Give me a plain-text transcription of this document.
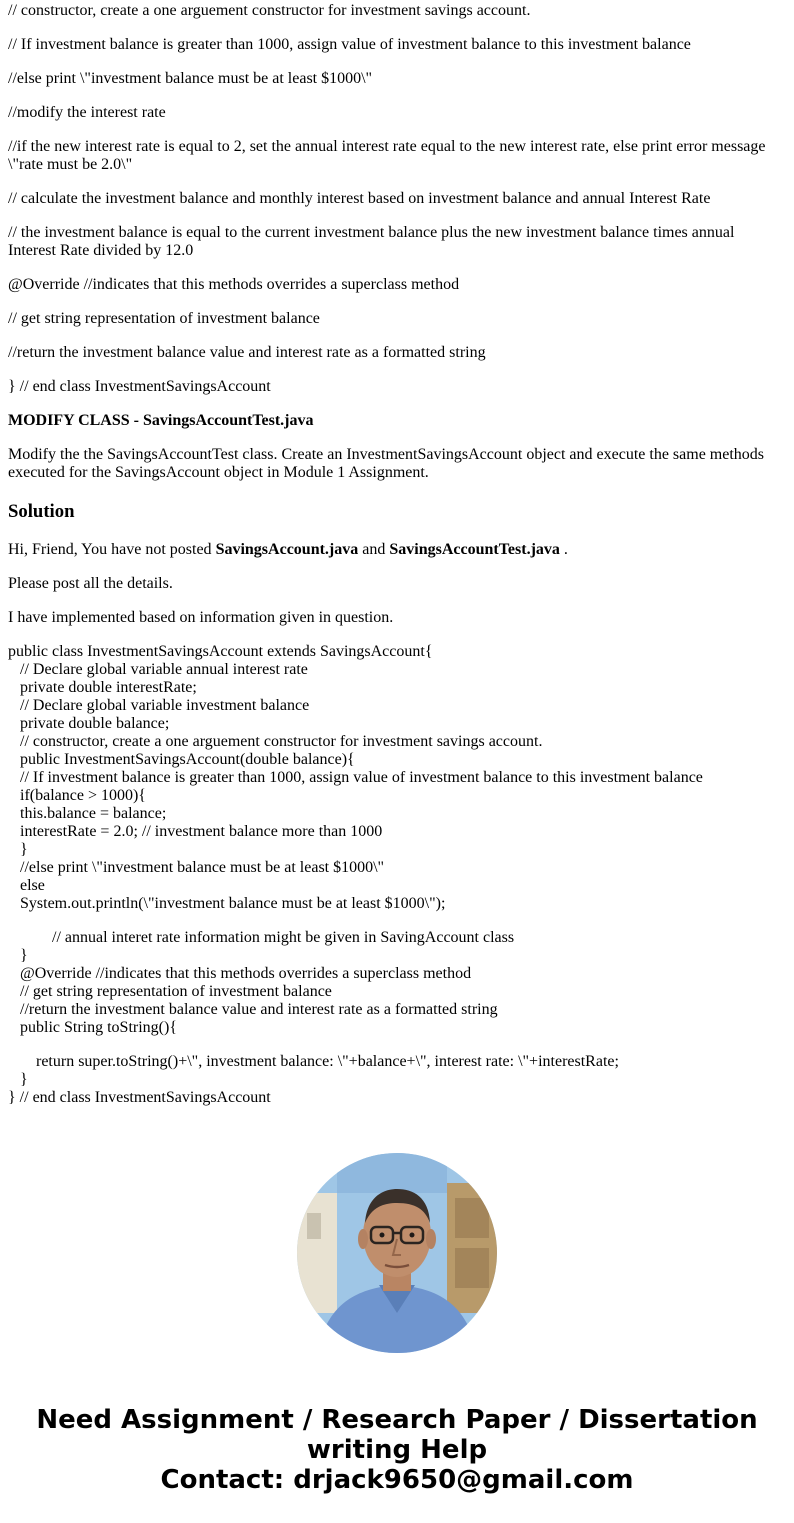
// constructor, create a one arguement constructor for investment savings account.

// If investment balance is greater than 1000, assign value of investment balance to this investment balance

//else print \"investment balance must be at least $1000\"

//modify the interest rate

//if the new interest rate is equal to 2, set the annual interest rate equal to the new interest rate, else print error message \"rate must be 2.0\"

// calculate the investment balance and monthly interest based on investment balance and annual Interest Rate

// the investment balance is equal to the current investment balance plus the new investment balance times annual Interest Rate divided by 12.0

@Override //indicates that this methods overrides a superclass method

// get string representation of investment balance

//return the investment balance value and interest rate as a formatted string

} // end class InvestmentSavingsAccount

MODIFY CLASS - SavingsAccountTest.java

Modify the the SavingsAccountTest class. Create an InvestmentSavingsAccount object and execute the same methods executed for the SavingsAccount object in Module 1 Assignment.

Solution

Hi, Friend, You have not posted SavingsAccount.java and SavingsAccountTest.java .

Please post all the details.

I have implemented based on information given in question.

public class InvestmentSavingsAccount extends SavingsAccount{
// Declare global variable annual interest rate
private double interestRate;
// Declare global variable investment balance
private double balance;
// constructor, create a one arguement constructor for investment savings account.
public InvestmentSavingsAccount(double balance){
// If investment balance is greater than 1000, assign value of investment balance to this investment balance
if(balance > 1000){
this.balance = balance;
interestRate = 2.0; // investment balance more than 1000
}
//else print \"investment balance must be at least $1000\"
else
System.out.println(\"investment balance must be at least $1000\");
// annual interet rate information might be given in SavingAccount class
}
@Override //indicates that this methods overrides a superclass method
// get string representation of investment balance
//return the investment balance value and interest rate as a formatted string
public String toString(){
return super.toString()+\", investment balance: \"+balance+\", interest rate: \"+interestRate;
}
} // end class InvestmentSavingsAccount
Need Assignment / Research Paper / Dissertation
writing Help
Contact: drjack9650@gmail.com
